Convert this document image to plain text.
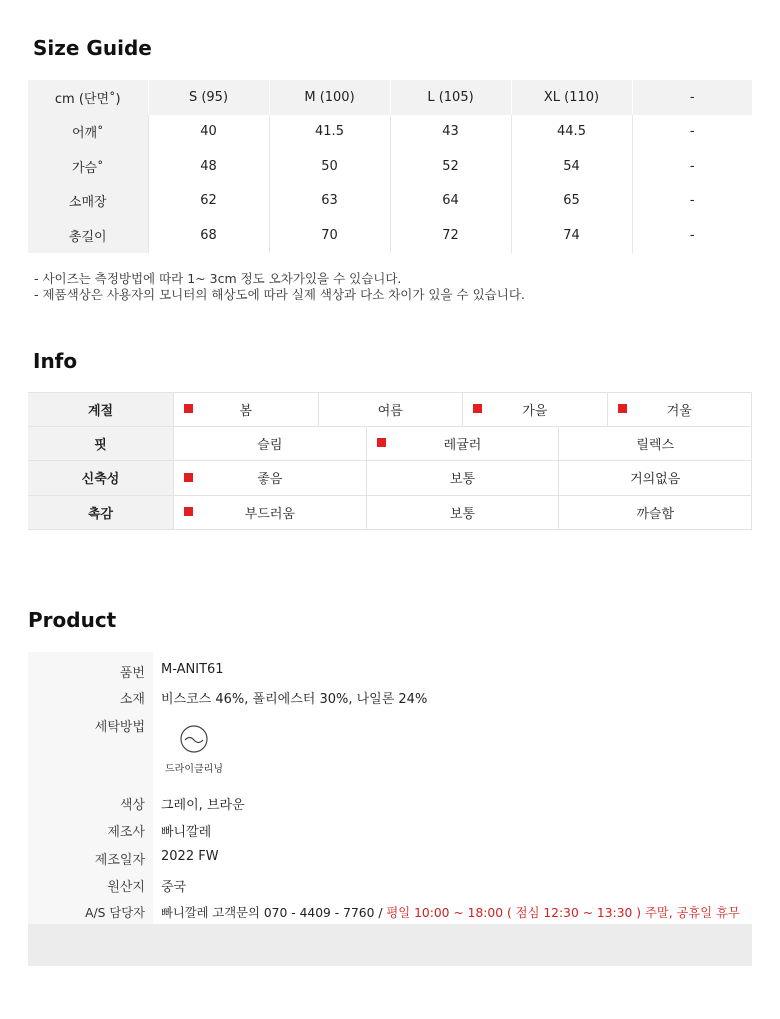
Size Guide
cm (단면˚)	S (95)	M (100)	L (105)	XL (110)	-
어깨˚	40	41.5	43	44.5	-
가슴˚	48	50	52	54	-
소매장	62	63	64	65	-
총길이	68	70	72	74	-
- 사이즈는 측정방법에 따라 1~ 3cm 정도 오차가있을 수 있습니다.
- 제품색상은 사용자의 모니터의 해상도에 따라 실제 색상과 다소 차이가 있을 수 있습니다.
Info
계절	봄	여름	가을	겨울
핏	슬림	레귤러	릴렉스
신축성	좋음	보통	거의없음
촉감	부드러움	보통	까슬함
Product
품번 M-ANIT61
소재 비스코스 46%, 폴리에스터 30%, 나일론 24%
세탁방법
드라이클리닝
색상 그레이, 브라운
제조사 빠니깔레
제조일자 2022 FW
원산지 중국
A/S 담당자 빠니깔레 고객문의 070 - 4409 - 7760 / 평일 10:00 ~ 18:00 ( 점심 12:30 ~ 13:30 ) 주말, 공휴일 휴무
